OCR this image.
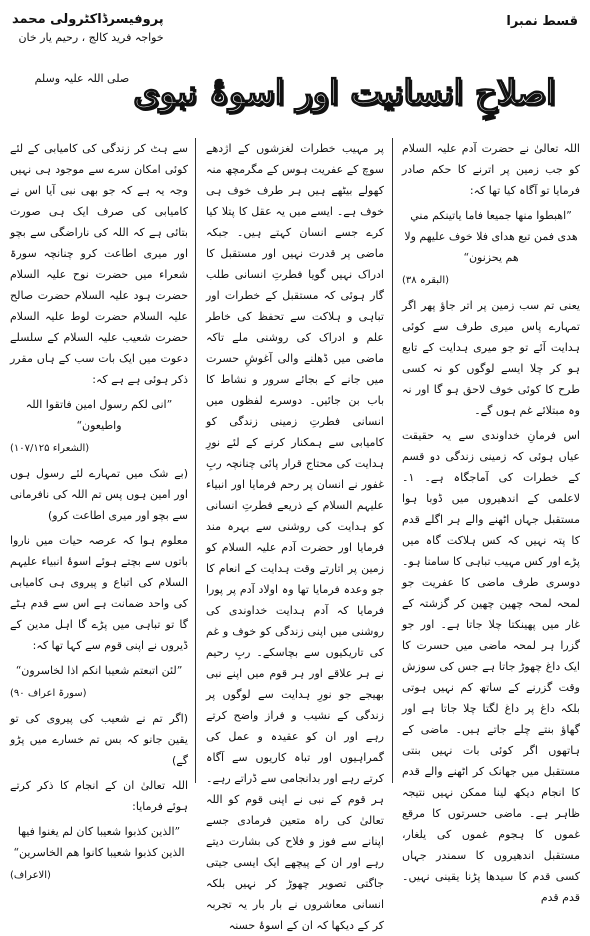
قسط نمبرا
پروفیسرڈاکٹرولی محمد
خواجہ فرید کالج ، رحیم یار خان
اصلاحِ انسانیت اور اسوۂ نبوی$^{صلی اللہ علیہ وسلم}$

اللہ تعالیٰ نے حضرت آدم علیہ السلام کو جب زمین پر اترنے کا حکم صادر فرمایا تو آگاہ کیا تھا کہ:

”اهبطوا منها جميعا فاما ياتينكم مني هدى فمن تبع هداى فلا خوف عليهم ولا هم يحزنون“

(البقرہ ۳۸)

یعنی تم سب زمین پر اتر جاؤ پھر اگر تمہارے پاس میری طرف سے کوئی ہدایت آئے تو جو میری ہدایت کے تابع ہو کر چلا ایسے لوگوں کو نہ کسی طرح کا کوئی خوف لاحق ہو گا اور نہ وہ مبتلائے غم ہوں گے۔

اس فرمانِ خداوندی سے یہ حقیقت عیاں ہوئی کہ زمینی زندگی دو قسم کے خطرات کی آماجگاہ ہے۔ ۱۔ لاعلمی کے اندھیروں میں ڈوبا ہوا مستقبل جہاں اٹھنے والے ہر اگلے قدم کا پتہ نہیں کہ کس ہلاکت گاہ میں پڑے اور کس مہیب تباہی کا سامنا ہو۔ دوسری طرف ماضی کا عفریت جو لمحہ لمحہ چھین چھین کر گزشتہ کے غار میں پھینکتا چلا جاتا ہے۔ اور جو گزرا ہر لمحہ ماضی میں حسرت کا ایک داغ چھوڑ جاتا ہے جس کی سوزش وقت گزرنے کے ساتھ کم نہیں ہوتی بلکہ داغ پر داغ لگتا چلا جاتا ہے اور گھاؤ بنتے چلے جاتے ہیں۔ ماضی کے ہاتھوں اگر کوئی بات نہیں بنتی مستقبل میں جھانک کر اٹھنے والے قدم کا انجام دیکھ لینا ممکن نہیں نتیجہ ظاہر ہے۔ ماضی حسرتوں کا مرقع غموں کا ہجوم غموں کی یلغار، مستقبل اندھیروں کا سمندر جہاں کسی قدم کا سیدھا پڑنا یقینی نہیں۔ قدم قدم

پر مہیب خطرات لغزشوں کے اژدھے سوچ کے عفریت ہوس کے مگرمچھ منہ کھولے بیٹھے ہیں ہر طرف خوف ہی خوف ہے۔ ایسے میں یہ عقل کا پتلا کیا کرے جسے انسان کہتے ہیں۔ جبکہ ماضی پر قدرت نہیں اور مستقبل کا ادراک نہیں گویا فطرتِ انسانی طلب گار ہوئی کہ مستقبل کے خطرات اور تباہی و ہلاکت سے تحفظ کی خاطر علم و ادراک کی روشنی ملے تاکہ ماضی میں ڈھلنے والی آغوشِ حسرت میں جانے کے بجائے سرور و نشاط کا باب بن جائیں۔ دوسرے لفظوں میں انسانی فطرتِ زمینی زندگی کو کامیابی سے ہمکنار کرنے کے لئے نورِ ہدایت کی محتاج قرار پائی چنانچہ ربِ غفور نے انسان پر رحم فرمایا اور انبیاء علیہم السلام کے ذریعے فطرتِ انسانی کو ہدایت کی روشنی سے بہرہ مند فرمایا اور حضرت آدم علیہ السلام کو زمین پر اتارتے وقت ہدایت کے انعام کا جو وعدہ فرمایا تھا وہ اولاد آدم پر پورا فرمایا کہ آدم ہدایت خداوندی کی روشنی میں اپنی زندگی کو خوف و غم کی تاریکیوں سے بچاسکے۔ ربِ رحیم نے ہر علاقے اور ہر قوم میں اپنے نبی بھیجے جو نورِ ہدایت سے لوگوں پر زندگی کے نشیب و فراز واضح کرتے رہے اور ان کو عقیدہ و عمل کی گمراہیوں اور تباہ کاریوں سے آگاہ کرتے رہے اور بدانجامی سے ڈراتے رہے۔ ہر قوم کے نبی نے اپنی قوم کو اللہ تعالیٰ کی راہ متعین فرمادی جسے اپنانے سے فوز و فلاح کی بشارت دیتے رہے اور ان کے پیچھے ایک ایسی جیتی جاگتی تصویر چھوڑ کر نہیں بلکہ انسانی معاشروں نے بار بار یہ تجربہ کر کے دیکھا کہ ان کے اسوۂ حسنہ

سے ہٹ کر زندگی کی کامیابی کے لئے کوئی امکان سرے سے موجود ہی نہیں وجہ یہ ہے کہ جو بھی نبی آیا اس نے کامیابی کی صرف ایک ہی صورت بتائی ہے کہ اللہ کی ناراضگی سے بچو اور میری اطاعت کرو چنانچہ سورۃ شعراء میں حضرت نوح علیہ السلام حضرت ہود علیہ السلام حضرت صالح علیہ السلام حضرت لوط علیہ السلام حضرت شعیب علیہ السلام کے سلسلے دعوت میں ایک بات سب کے ہاں مقرر ذکر ہوئی ہے ہے کہ:

”انی لکم رسول امین فاتقوا اللہ واطیعون“

(الشعراء ۱۰۷/۱۲۵)

(بے شک میں تمہارے لئے رسول ہوں اور امین ہوں پس تم اللہ کی نافرمانی سے بچو اور میری اطاعت کرو)

معلوم ہوا کہ عرصہ حیات میں ناروا باتوں سے بچتے ہوئے اسوۂ انبیاء علیہم السلام کی اتباع و پیروی ہی کامیابی کی واحد ضمانت ہے اس سے قدم ہٹے گا تو تباہی میں پڑے گا اہل مدین کے ڈیروں نے اپنی قوم سے کہا تھا کہ:

”لئن اتبعتم شعیبا انکم اذا لخاسرون“

(سورۃ اعراف ۹۰)

(اگر تم نے شعیب کی پیروی کی تو یقین جانو کہ بس تم خسارے میں پڑو گے)

اللہ تعالیٰ ان کے انجام کا ذکر کرتے ہوئے فرمایا:

”الذین کذبوا شعیبا کان لم یغنوا فیھا الذین کذبوا شعیبا کانوا ھم الخاسرین“

(الاعراف)
